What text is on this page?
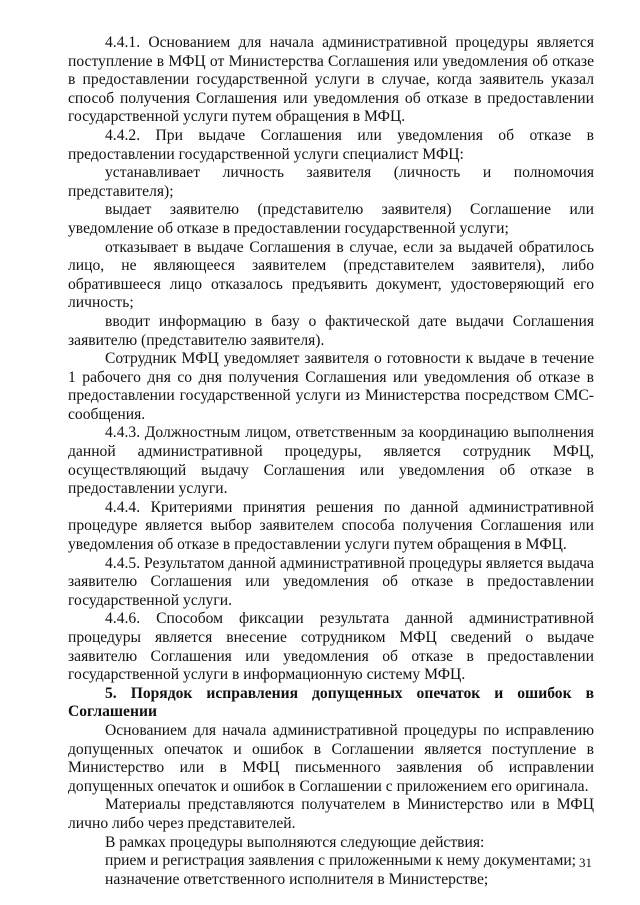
4.4.1. Основанием для начала административной процедуры является поступление в МФЦ от Министерства Соглашения или уведомления об отказе в предоставлении государственной услуги в случае, когда заявитель указал способ получения Соглашения или уведомления об отказе в предоставлении государственной услуги путем обращения в МФЦ.

4.4.2. При выдаче Соглашения или уведомления об отказе в предоставлении государственной услуги специалист МФЦ:

устанавливает личность заявителя (личность и полномочия представителя);

выдает заявителю (представителю заявителя) Соглашение или уведомление об отказе в предоставлении государственной услуги;

отказывает в выдаче Соглашения в случае, если за выдачей обратилось лицо, не являющееся заявителем (представителем заявителя), либо обратившееся лицо отказалось предъявить документ, удостоверяющий его личность;

вводит информацию в базу о фактической дате выдачи Соглашения заявителю (представителю заявителя).

Сотрудник МФЦ уведомляет заявителя о готовности к выдаче в течение 1 рабочего дня со дня получения Соглашения или уведомления об отказе в предоставлении государственной услуги из Министерства посредством СМС-сообщения.

4.4.3. Должностным лицом, ответственным за координацию выполнения данной административной процедуры, является сотрудник МФЦ, осуществляющий выдачу Соглашения или уведомления об отказе в предоставлении услуги.

4.4.4. Критериями принятия решения по данной административной процедуре является выбор заявителем способа получения Соглашения или уведомления об отказе в предоставлении услуги путем обращения в МФЦ.

4.4.5. Результатом данной административной процедуры является выдача заявителю Соглашения или уведомления об отказе в предоставлении государственной услуги.

4.4.6. Способом фиксации результата данной административной процедуры является внесение сотрудником МФЦ сведений о выдаче заявителю Соглашения или уведомления об отказе в предоставлении государственной услуги в информационную систему МФЦ.

5. Порядок исправления допущенных опечаток и ошибок в Соглашении

Основанием для начала административной процедуры по исправлению допущенных опечаток и ошибок в Соглашении является поступление в Министерство или в МФЦ письменного заявления об исправлении допущенных опечаток и ошибок в Соглашении с приложением его оригинала.

Материалы представляются получателем в Министерство или в МФЦ лично либо через представителей.

В рамках процедуры выполняются следующие действия:

прием и регистрация заявления с приложенными к нему документами;

назначение ответственного исполнителя в Министерстве;

31
